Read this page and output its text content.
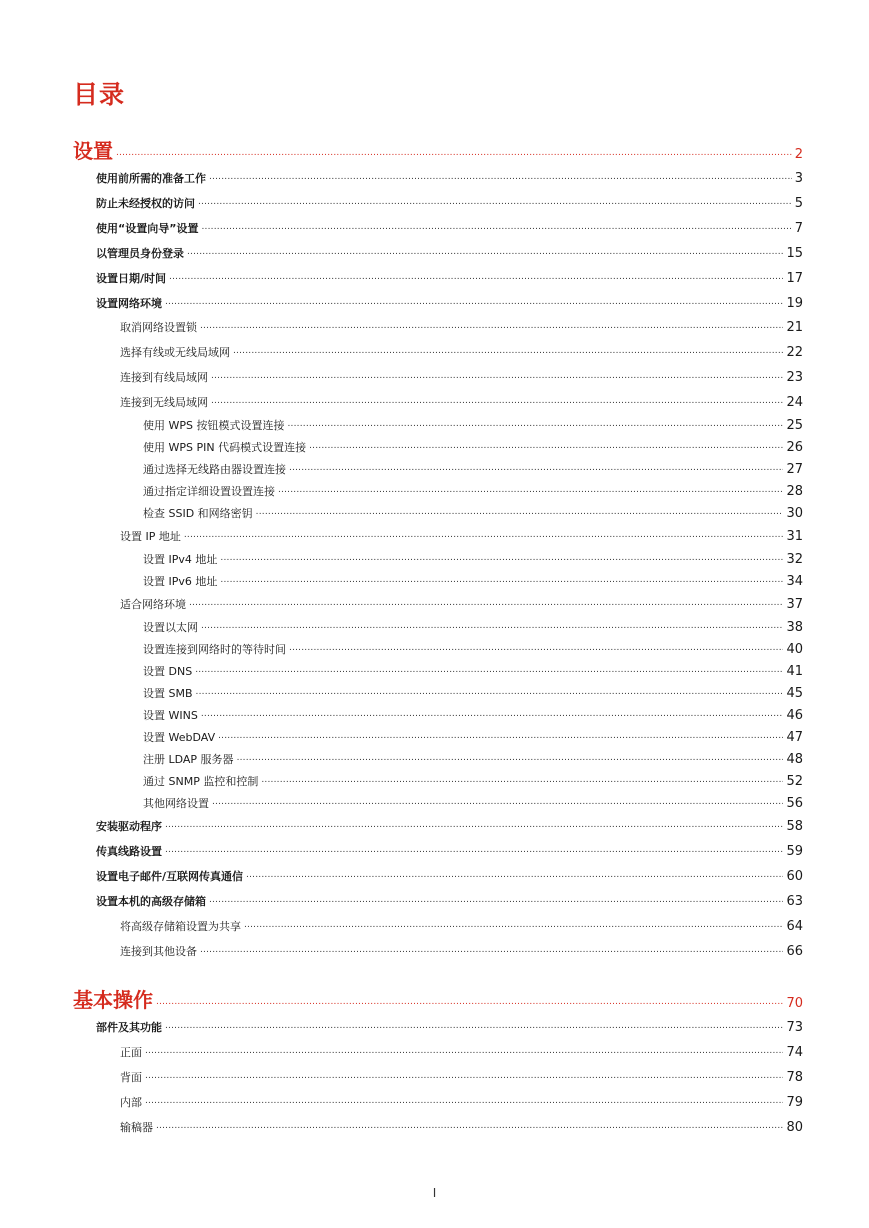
目录
设置 .....	2
使用前所需的准备工作 .....	3
防止未经授权的访问 .....	5
使用“设置向导”设置 .....	7
以管理员身份登录 .....	15
设置日期/时间 .....	17
设置网络环境 .....	19
取消网络设置锁 .....	21
选择有线或无线局域网 .....	22
连接到有线局域网 .....	23
连接到无线局域网 .....	24
使用 WPS 按钮模式设置连接 .....	25
使用 WPS PIN 代码模式设置连接 .....	26
通过选择无线路由器设置连接 .....	27
通过指定详细设置设置连接 .....	28
检查 SSID 和网络密钥 .....	30
设置 IP 地址 .....	31
设置 IPv4 地址 .....	32
设置 IPv6 地址 .....	34
适合网络环境 .....	37
设置以太网 .....	38
设置连接到网络时的等待时间 .....	40
设置 DNS .....	41
设置 SMB .....	45
设置 WINS .....	46
设置 WebDAV .....	47
注册 LDAP 服务器 .....	48
通过 SNMP 监控和控制 .....	52
其他网络设置 .....	56
安装驱动程序 .....	58
传真线路设置 .....	59
设置电子邮件/互联网传真通信 .....	60
设置本机的高级存储箱 .....	63
将高级存储箱设置为共享 .....	64
连接到其他设备 .....	66
基本操作 .....	70
部件及其功能 .....	73
正面 .....	74
背面 .....	78
内部 .....	79
输稿器 .....	80
I
